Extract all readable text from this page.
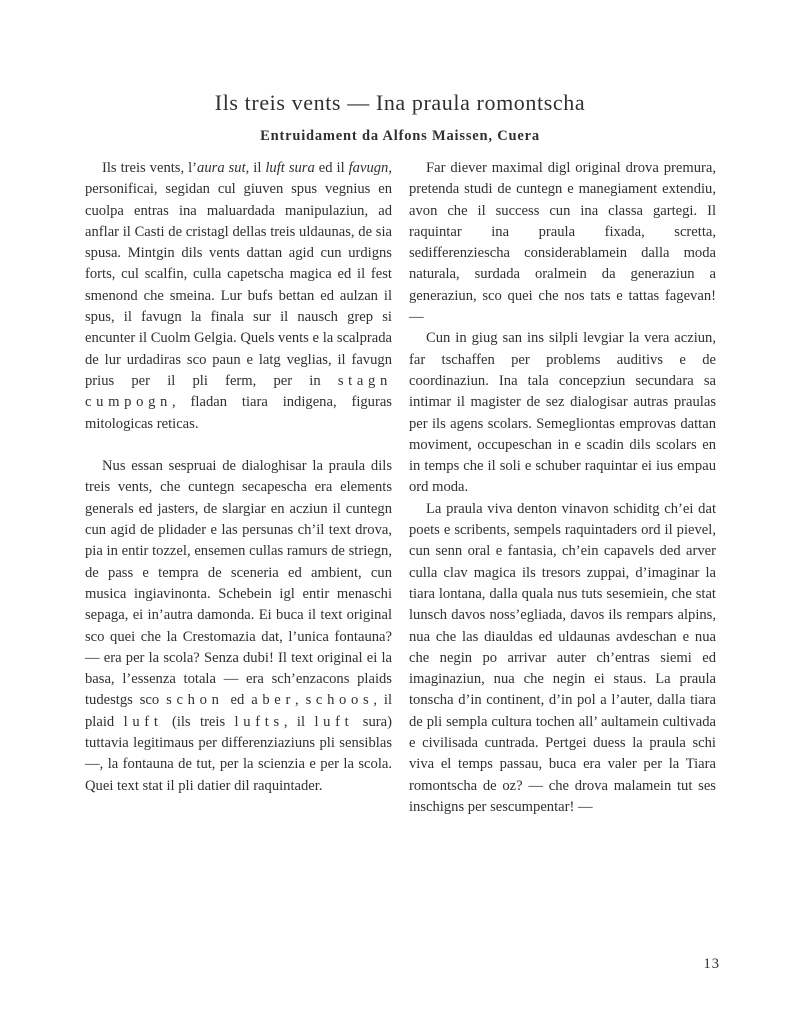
Ils treis vents — Ina praula romontscha
Entruidament da Alfons Maissen, Cuera

Ils treis vents, l’aura sut, il luft sura ed il favugn, personificai, segidan cul giuven spus vegnius en cuolpa entras ina maluardada manipulaziun, ad anflar il Casti de cristagl dellas treis uldaunas, de sia spusa. Mintgin dils vents dattan agid cun urdigns forts, cul scalfin, culla capetscha magica ed il fest smenond che smeina. Lur bufs bettan ed aulzan il spus, il favugn la finala sur il nausch grep si encunter il Cuolm Gelgia. Quels vents e la scalprada de lur urdadiras sco paun e latg veglias, il favugn prius per il pli ferm, per in stagn cumpogn, fladan tiara indigena, figuras mitologicas reticas.

Nus essan sespruai de dialoghisar la praula dils treis vents, che cuntegn secapescha era elements generals ed jasters, de slargiar en acziun il cuntegn cun agid de plidader e las persunas ch’il text drova, pia in entir tozzel, ensemen cullas ramurs de striegn, de pass e tempra de sceneria ed ambient, cun musica ingiavinonta. Schebein igl entir menaschi sepaga, ei in’autra damonda. Ei buca il text original sco quei che la Crestomazia dat, l’unica fontauna? — era per la scola? Senza dubi! Il text original ei la basa, l’essenza totala — era sch’enzacons plaids tudestgs sco schon ed aber, schoos, il plaid luft (ils treis lufts, il luft sura) tuttavia legitimaus per differenziaziuns pli sensiblas —, la fontauna de tut, per la scienzia e per la scola. Quei text stat il pli datier dil raquintader.

Far diever maximal digl original drova premura, pretenda studi de cuntegn e manegiament extendiu, avon che il success cun ina classa gartegi. Il raquintar ina praula fixada, scretta, sedifferenziescha considerablamein dalla moda naturala, surdada oralmein da generaziun a generaziun, sco quei che nos tats e tattas fagevan! —

Cun in giug san ins silpli levgiar la vera acziun, far tschaffen per problems auditivs e de coordinaziun. Ina tala concepziun secundara sa intimar il magister de sez dialogisar autras praulas per ils agens scolars. Semegliontas emprovas dattan moviment, occupeschan in e scadin dils scolars en in temps che il soli e schuber raquintar ei ius empau ord moda.

La praula viva denton vinavon schiditg ch’ei dat poets e scribents, sempels raquintaders ord il pievel, cun senn oral e fantasia, ch’ein capavels ded arver culla clav magica ils tresors zuppai, d’imaginar la tiara lontana, dalla quala nus tuts sesemiein, che stat lunsch davos noss’egliada, davos ils rempars alpins, nua che las diauldas ed uldaunas avdeschan e nua che negin po arrivar auter ch’entras siemi ed imaginaziun, nua che negin ei staus. La praula tonscha d’in continent, d’in pol a l’auter, dalla tiara de pli sempla cultura tochen all’ aultamein cultivada e civilisada cuntrada. Pertgei duess la praula schi viva el temps passau, buca era valer per la Tiara romontscha de oz? — che drova malamein tut ses inschigns per sescumpentar! —

13
